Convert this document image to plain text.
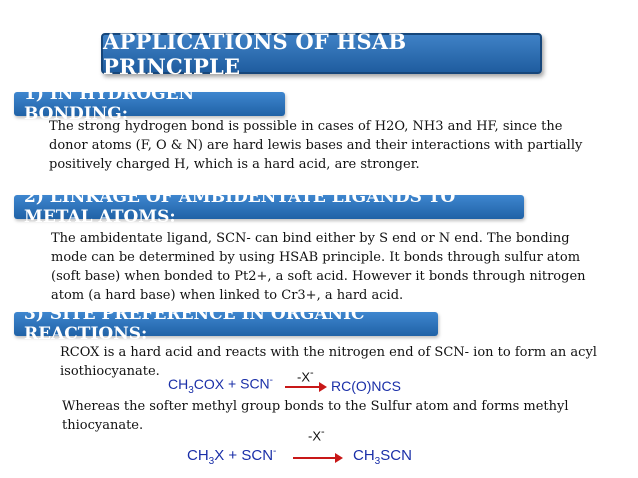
APPLICATIONS OF HSAB PRINCIPLE
1) IN HYDROGEN BONDING:
The strong hydrogen bond is possible in cases of H2O, NH3 and HF, since the
donor atoms (F, O & N) are hard lewis bases and their interactions with partially
positively charged H, which is a hard acid, are stronger.
2) LINKAGE OF AMBIDENTATE LIGANDS TO METAL ATOMS:
The ambidentate ligand, SCN- can bind either by S end or N end. The bonding
mode can be determined by using HSAB principle. It bonds through sulfur atom
(soft base) when bonded to Pt2+, a soft acid. However it bonds through nitrogen
atom (a hard base) when linked to Cr3+, a hard acid.
3) SITE PREFERENCE IN ORGANIC REACTIONS:
RCOX is a hard acid and reacts with the nitrogen end of SCN- ion to form an acyl
isothiocyanate.
$CH_3COX + SCN^-$ -X-
RC(O)NCS
Whereas the softer methyl group bonds to the Sulfur atom and forms methyl
thiocyanate.
$CH_3X + SCN^-$
-X-
$CH_3SCN$
